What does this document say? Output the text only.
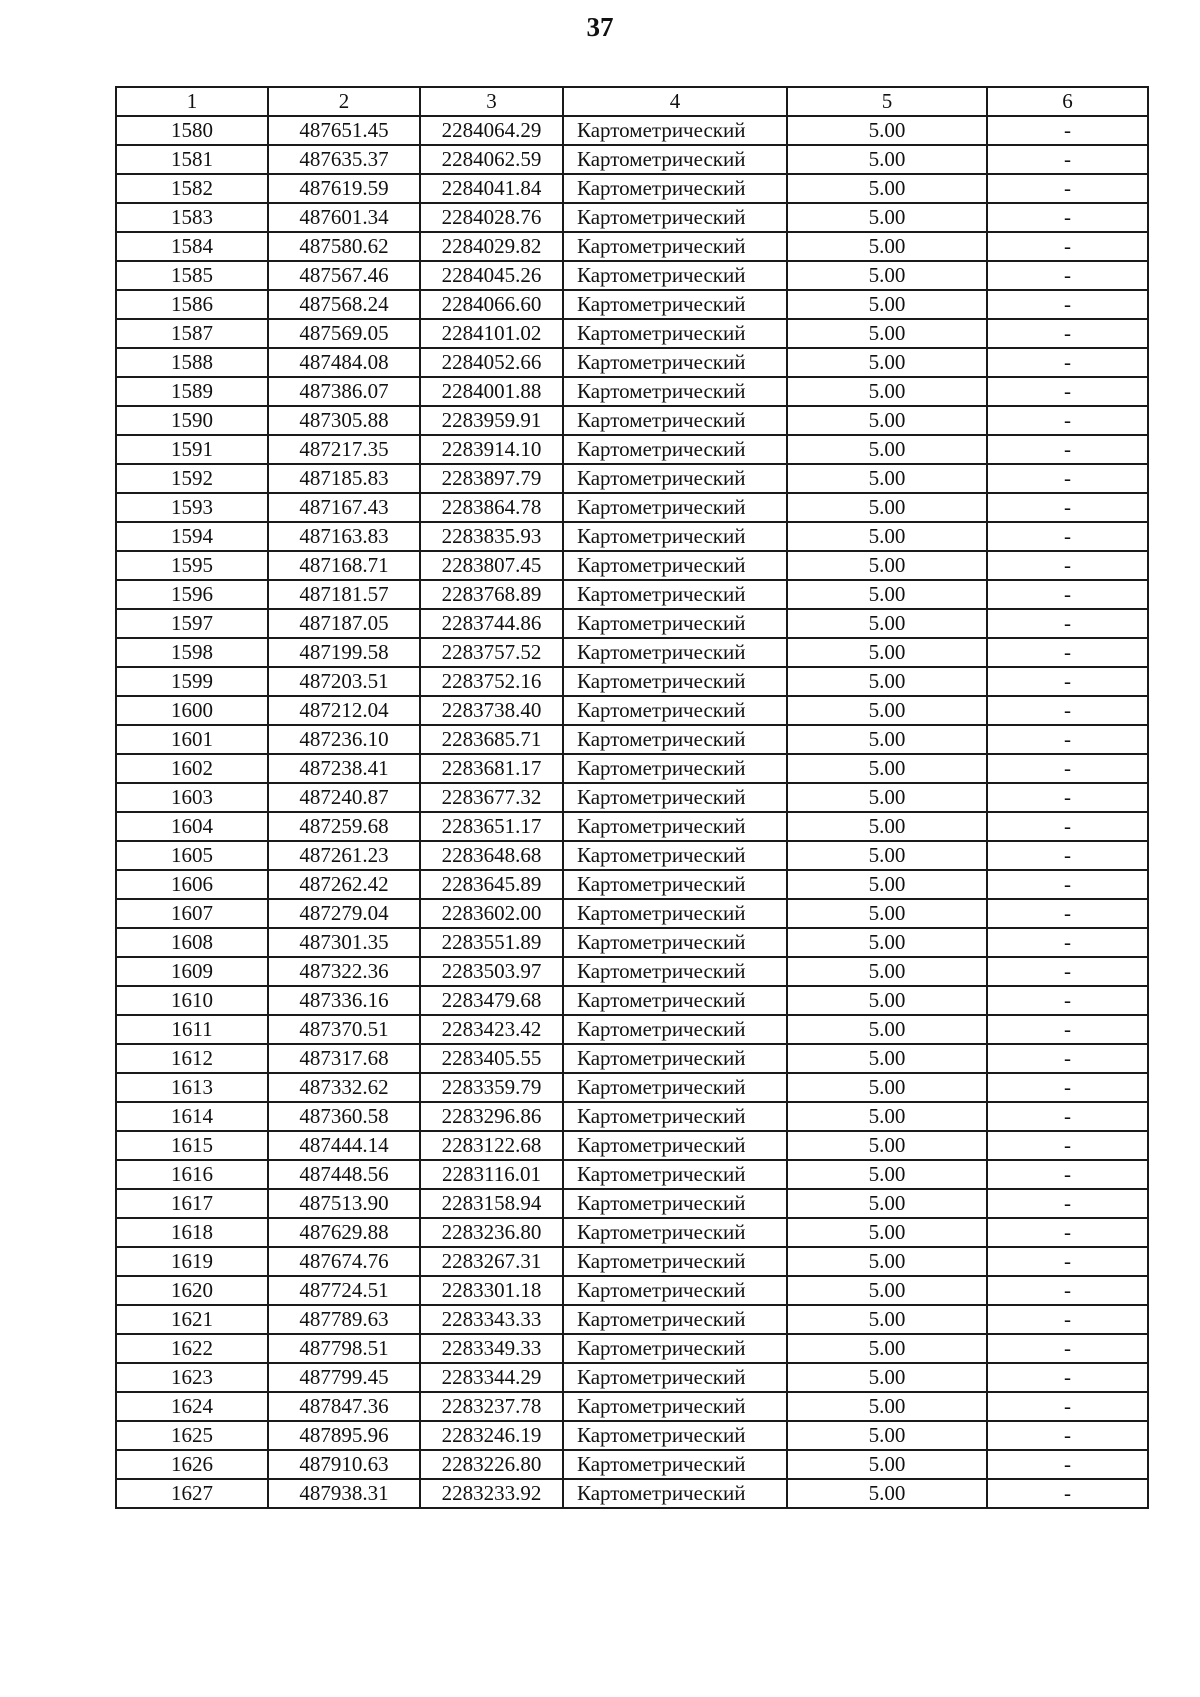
37
1	2	3	4	5	6
1580	487651.45	2284064.29	Картометрический	5.00	-
1581	487635.37	2284062.59	Картометрический	5.00	-
1582	487619.59	2284041.84	Картометрический	5.00	-
1583	487601.34	2284028.76	Картометрический	5.00	-
1584	487580.62	2284029.82	Картометрический	5.00	-
1585	487567.46	2284045.26	Картометрический	5.00	-
1586	487568.24	2284066.60	Картометрический	5.00	-
1587	487569.05	2284101.02	Картометрический	5.00	-
1588	487484.08	2284052.66	Картометрический	5.00	-
1589	487386.07	2284001.88	Картометрический	5.00	-
1590	487305.88	2283959.91	Картометрический	5.00	-
1591	487217.35	2283914.10	Картометрический	5.00	-
1592	487185.83	2283897.79	Картометрический	5.00	-
1593	487167.43	2283864.78	Картометрический	5.00	-
1594	487163.83	2283835.93	Картометрический	5.00	-
1595	487168.71	2283807.45	Картометрический	5.00	-
1596	487181.57	2283768.89	Картометрический	5.00	-
1597	487187.05	2283744.86	Картометрический	5.00	-
1598	487199.58	2283757.52	Картометрический	5.00	-
1599	487203.51	2283752.16	Картометрический	5.00	-
1600	487212.04	2283738.40	Картометрический	5.00	-
1601	487236.10	2283685.71	Картометрический	5.00	-
1602	487238.41	2283681.17	Картометрический	5.00	-
1603	487240.87	2283677.32	Картометрический	5.00	-
1604	487259.68	2283651.17	Картометрический	5.00	-
1605	487261.23	2283648.68	Картометрический	5.00	-
1606	487262.42	2283645.89	Картометрический	5.00	-
1607	487279.04	2283602.00	Картометрический	5.00	-
1608	487301.35	2283551.89	Картометрический	5.00	-
1609	487322.36	2283503.97	Картометрический	5.00	-
1610	487336.16	2283479.68	Картометрический	5.00	-
1611	487370.51	2283423.42	Картометрический	5.00	-
1612	487317.68	2283405.55	Картометрический	5.00	-
1613	487332.62	2283359.79	Картометрический	5.00	-
1614	487360.58	2283296.86	Картометрический	5.00	-
1615	487444.14	2283122.68	Картометрический	5.00	-
1616	487448.56	2283116.01	Картометрический	5.00	-
1617	487513.90	2283158.94	Картометрический	5.00	-
1618	487629.88	2283236.80	Картометрический	5.00	-
1619	487674.76	2283267.31	Картометрический	5.00	-
1620	487724.51	2283301.18	Картометрический	5.00	-
1621	487789.63	2283343.33	Картометрический	5.00	-
1622	487798.51	2283349.33	Картометрический	5.00	-
1623	487799.45	2283344.29	Картометрический	5.00	-
1624	487847.36	2283237.78	Картометрический	5.00	-
1625	487895.96	2283246.19	Картометрический	5.00	-
1626	487910.63	2283226.80	Картометрический	5.00	-
1627	487938.31	2283233.92	Картометрический	5.00	-
